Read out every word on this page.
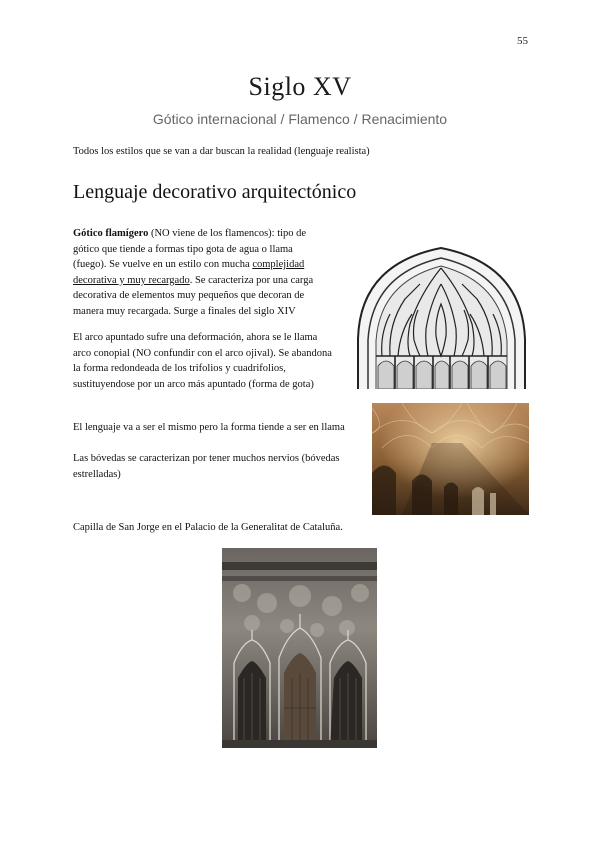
55
Siglo XV
Gótico internacional / Flamenco / Renacimiento
Todos los estilos que se van a dar buscan la realidad (lenguaje realista)
Lenguaje decorativo arquitectónico
Gótico flamígero (NO viene de los flamencos): tipo de gótico que tiende a formas tipo gota de agua o llama (fuego). Se vuelve en un estilo con mucha complejidad decorativa y muy recargado. Se caracteriza por una carga decorativa de elementos muy pequeños que decoran de manera muy recargada. Surge a finales del siglo XIV
El arco apuntado sufre una deformación, ahora se le llama arco conopial (NO confundir con el arco ojival). Se abandona la forma redondeada de los trifolios y cuadrifolios, sustituyendose por un arco más apuntado (forma de gota)
El lenguaje va a ser el mismo pero la forma tiende a ser en llama
Las bóvedas se caracterizan por tener muchos nervios (bóvedas estrelladas)
Capilla de San Jorge en el Palacio de la Generalitat de Cataluña.
